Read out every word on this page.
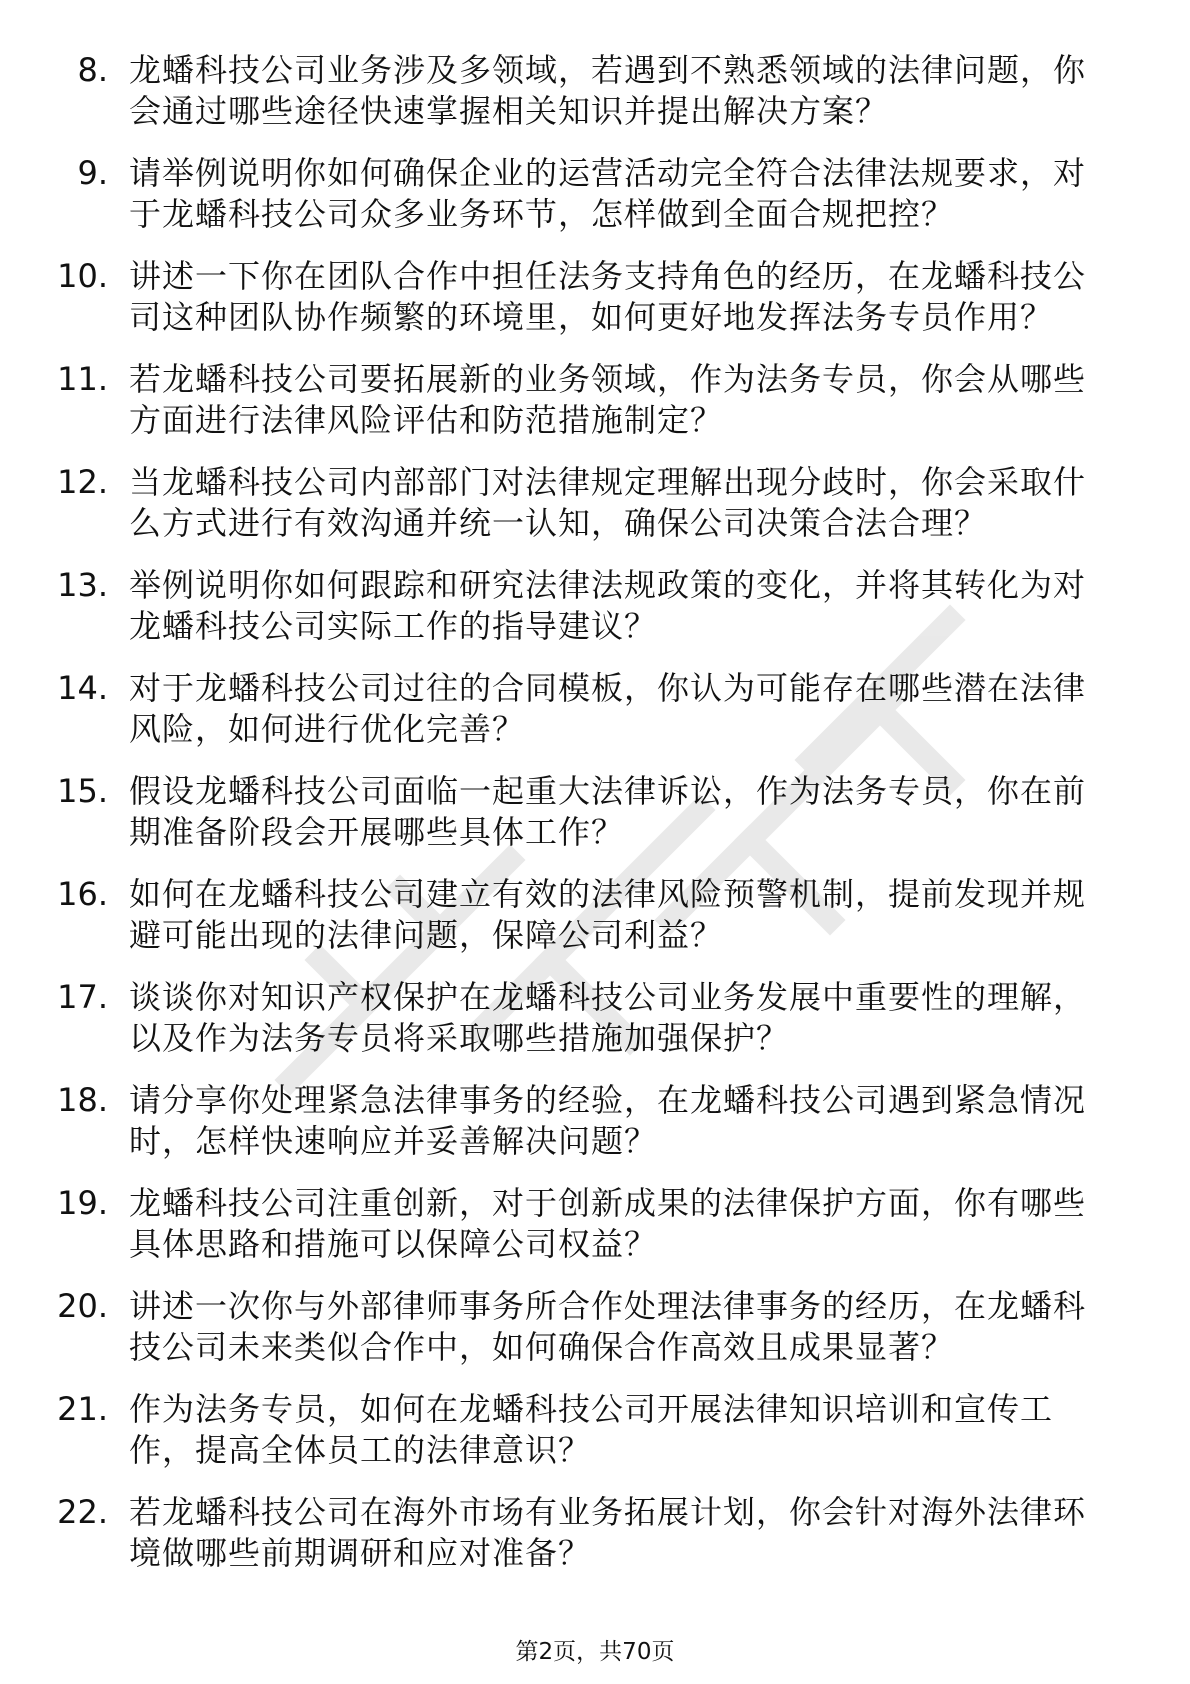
8. 龙蟠科技公司业务涉及多领域，若遇到不熟悉领域的法律问题，你会通过哪些途径快速掌握相关知识并提出解决方案？
9. 请举例说明你如何确保企业的运营活动完全符合法律法规要求，对于龙蟠科技公司众多业务环节，怎样做到全面合规把控？
10. 讲述一下你在团队合作中担任法务支持角色的经历，在龙蟠科技公司这种团队协作频繁的环境里，如何更好地发挥法务专员作用？
11. 若龙蟠科技公司要拓展新的业务领域，作为法务专员，你会从哪些方面进行法律风险评估和防范措施制定？
12. 当龙蟠科技公司内部部门对法律规定理解出现分歧时，你会采取什么方式进行有效沟通并统一认知，确保公司决策合法合理？
13. 举例说明你如何跟踪和研究法律法规政策的变化，并将其转化为对龙蟠科技公司实际工作的指导建议？
14. 对于龙蟠科技公司过往的合同模板，你认为可能存在哪些潜在法律风险，如何进行优化完善？
15. 假设龙蟠科技公司面临一起重大法律诉讼，作为法务专员，你在前期准备阶段会开展哪些具体工作？
16. 如何在龙蟠科技公司建立有效的法律风险预警机制，提前发现并规避可能出现的法律问题，保障公司利益？
17. 谈谈你对知识产权保护在龙蟠科技公司业务发展中重要性的理解，以及作为法务专员将采取哪些措施加强保护？
18. 请分享你处理紧急法律事务的经验，在龙蟠科技公司遇到紧急情况时，怎样快速响应并妥善解决问题？
19. 龙蟠科技公司注重创新，对于创新成果的法律保护方面，你有哪些具体思路和措施可以保障公司权益？
20. 讲述一次你与外部律师事务所合作处理法律事务的经历，在龙蟠科技公司未来类似合作中，如何确保合作高效且成果显著？
21. 作为法务专员，如何在龙蟠科技公司开展法律知识培训和宣传工作，提高全体员工的法律意识？
22. 若龙蟠科技公司在海外市场有业务拓展计划，你会针对海外法律环境做哪些前期调研和应对准备？
第2页，共70页
